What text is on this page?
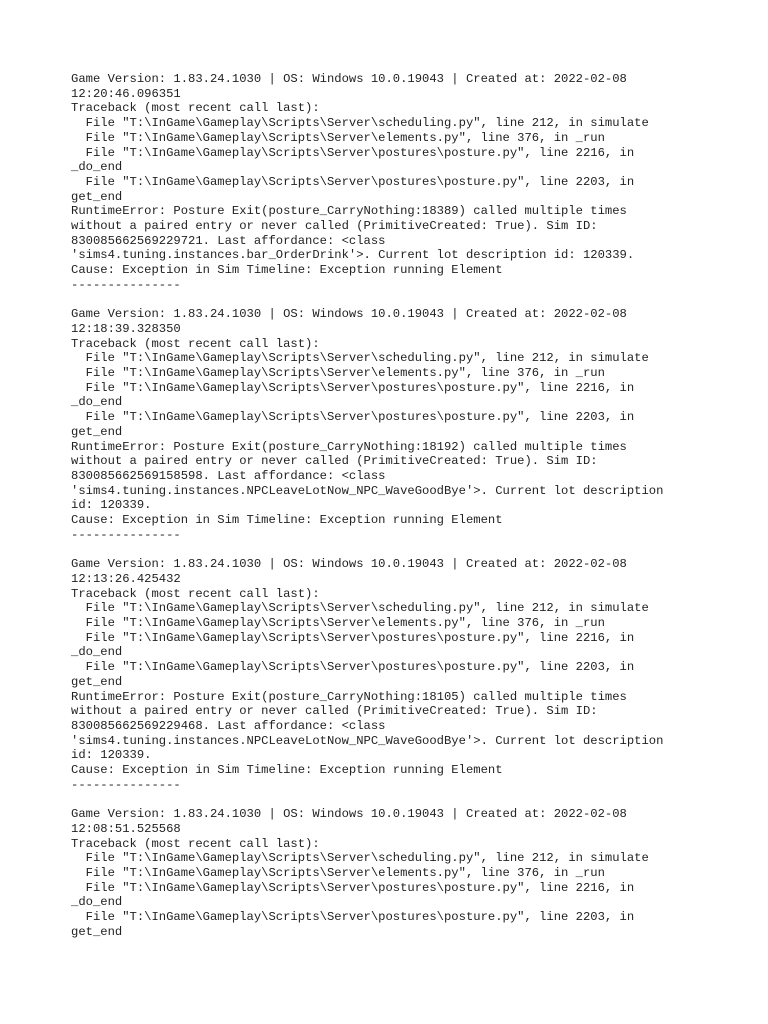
Game Version: 1.83.24.1030 | OS: Windows 10.0.19043 | Created at: 2022-02-08
12:20:46.096351
Traceback (most recent call last):
File "T:\InGame\Gameplay\Scripts\Server\scheduling.py", line 212, in simulate
File "T:\InGame\Gameplay\Scripts\Server\elements.py", line 376, in _run
File "T:\InGame\Gameplay\Scripts\Server\postures\posture.py", line 2216, in
_do_end
File "T:\InGame\Gameplay\Scripts\Server\postures\posture.py", line 2203, in
get_end
RuntimeError: Posture Exit(posture_CarryNothing:18389) called multiple times
without a paired entry or never called (PrimitiveCreated: True). Sim ID:
830085662569229721. Last affordance: <class
'sims4.tuning.instances.bar_OrderDrink'>. Current lot description id: 120339.
Cause: Exception in Sim Timeline: Exception running Element
---------------
Game Version: 1.83.24.1030 | OS: Windows 10.0.19043 | Created at: 2022-02-08
12:18:39.328350
Traceback (most recent call last):
File "T:\InGame\Gameplay\Scripts\Server\scheduling.py", line 212, in simulate
File "T:\InGame\Gameplay\Scripts\Server\elements.py", line 376, in _run
File "T:\InGame\Gameplay\Scripts\Server\postures\posture.py", line 2216, in
_do_end
File "T:\InGame\Gameplay\Scripts\Server\postures\posture.py", line 2203, in
get_end
RuntimeError: Posture Exit(posture_CarryNothing:18192) called multiple times
without a paired entry or never called (PrimitiveCreated: True). Sim ID:
830085662569158598. Last affordance: <class
'sims4.tuning.instances.NPCLeaveLotNow_NPC_WaveGoodBye'>. Current lot description
id: 120339.
Cause: Exception in Sim Timeline: Exception running Element
---------------
Game Version: 1.83.24.1030 | OS: Windows 10.0.19043 | Created at: 2022-02-08
12:13:26.425432
Traceback (most recent call last):
File "T:\InGame\Gameplay\Scripts\Server\scheduling.py", line 212, in simulate
File "T:\InGame\Gameplay\Scripts\Server\elements.py", line 376, in _run
File "T:\InGame\Gameplay\Scripts\Server\postures\posture.py", line 2216, in
_do_end
File "T:\InGame\Gameplay\Scripts\Server\postures\posture.py", line 2203, in
get_end
RuntimeError: Posture Exit(posture_CarryNothing:18105) called multiple times
without a paired entry or never called (PrimitiveCreated: True). Sim ID:
830085662569229468. Last affordance: <class
'sims4.tuning.instances.NPCLeaveLotNow_NPC_WaveGoodBye'>. Current lot description
id: 120339.
Cause: Exception in Sim Timeline: Exception running Element
---------------
Game Version: 1.83.24.1030 | OS: Windows 10.0.19043 | Created at: 2022-02-08
12:08:51.525568
Traceback (most recent call last):
File "T:\InGame\Gameplay\Scripts\Server\scheduling.py", line 212, in simulate
File "T:\InGame\Gameplay\Scripts\Server\elements.py", line 376, in _run
File "T:\InGame\Gameplay\Scripts\Server\postures\posture.py", line 2216, in
_do_end
File "T:\InGame\Gameplay\Scripts\Server\postures\posture.py", line 2203, in
get_end
